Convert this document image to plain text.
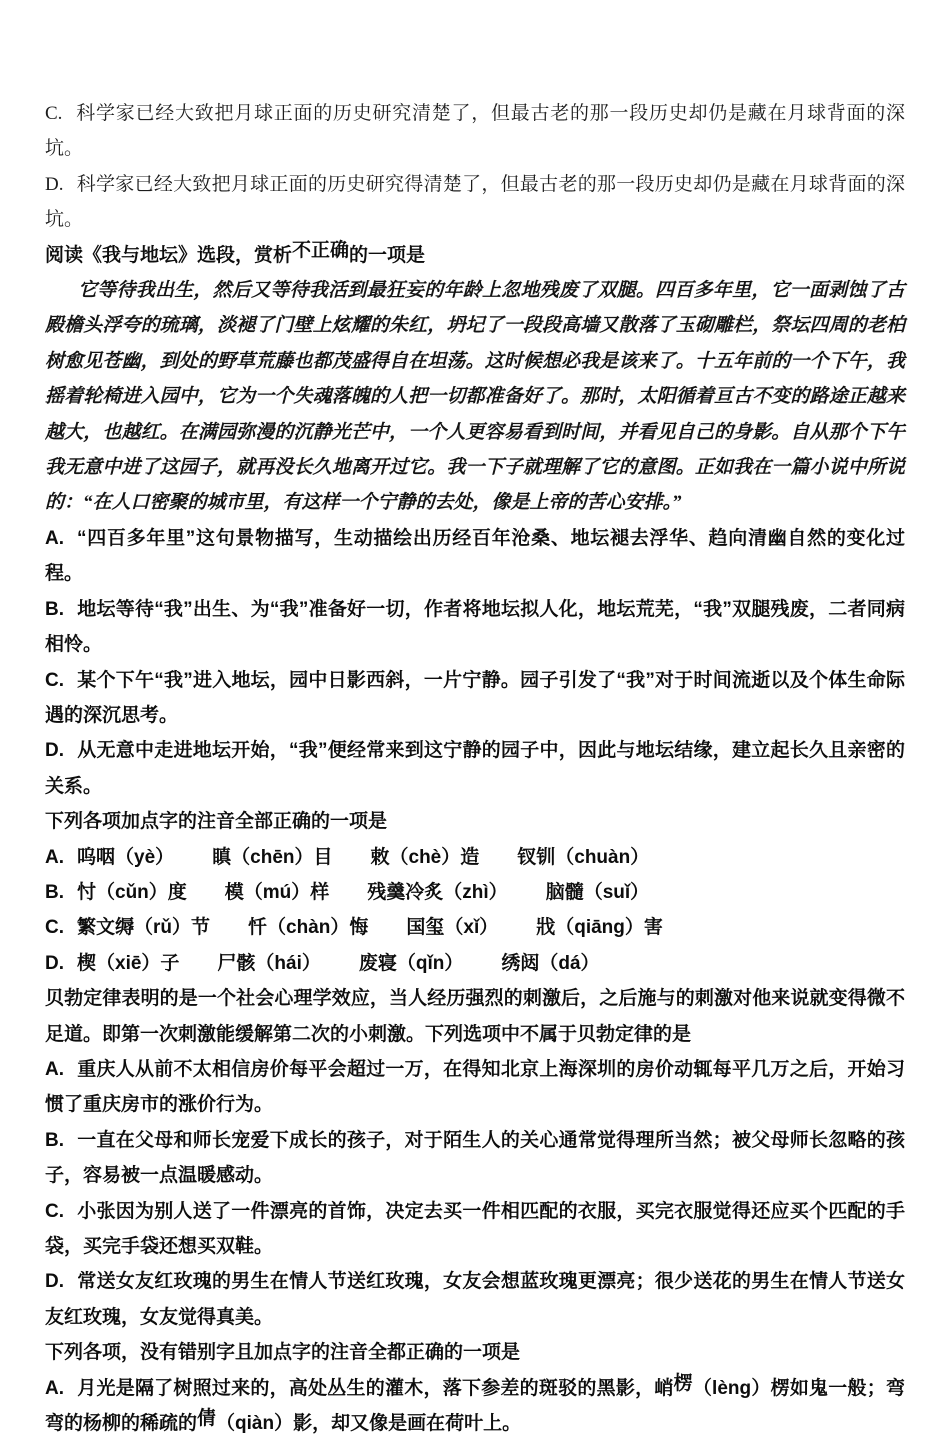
C. 科学家已经大致把月球正面的历史研究清楚了，但最古老的那一段历史却仍是藏在月球背面的深坑。

D. 科学家已经大致把月球正面的历史研究得清楚了，但最古老的那一段历史却仍是藏在月球背面的深坑。

阅读《我与地坛》选段，赏析不正确的一项是

它等待我出生，然后又等待我活到最狂妄的年龄上忽地残废了双腿。四百多年里，它一面剥蚀了古殿檐头浮夸的琉璃，淡褪了门壁上炫耀的朱红，坍圮了一段段高墙又散落了玉砌雕栏，祭坛四周的老柏树愈见苍幽，到处的野草荒藤也都茂盛得自在坦荡。这时候想必我是该来了。十五年前的一个下午，我摇着轮椅进入园中，它为一个失魂落魄的人把一切都准备好了。那时，太阳循着亘古不变的路途正越来越大，也越红。在满园弥漫的沉静光芒中，一个人更容易看到时间，并看见自己的身影。自从那个下午我无意中进了这园子，就再没长久地离开过它。我一下子就理解了它的意图。正如我在一篇小说中所说的：“在人口密聚的城市里，有这样一个宁静的去处，像是上帝的苦心安排。”

A. “四百多年里”这句景物描写，生动描绘出历经百年沧桑、地坛褪去浮华、趋向清幽自然的变化过程。

B. 地坛等待“我”出生、为“我”准备好一切，作者将地坛拟人化，地坛荒芜，“我”双腿残废，二者同病相怜。

C. 某个下午“我”进入地坛，园中日影西斜，一片宁静。园子引发了“我”对于时间流逝以及个体生命际遇的深沉思考。

D. 从无意中走进地坛开始，“我”便经常来到这宁静的园子中，因此与地坛结缘，建立起长久且亲密的关系。

下列各项加点字的注音全部正确的一项是

A. 呜咽（yè） 瞋（chēn）目 敕（chè）造 钗钏（chuàn）

B. 忖（cǔn）度 模（mú）样 残羹冷炙（zhì） 脑髓（suǐ）

C. 繁文缛（rǔ）节 忏（chàn）悔 国玺（xǐ） 戕（qiāng）害

D. 楔（xiē）子 尸骸（hái） 废寝（qǐn） 绣闼（dá）

贝勃定律表明的是一个社会心理学效应，当人经历强烈的刺激后，之后施与的刺激对他来说就变得微不足道。即第一次刺激能缓解第二次的小刺激。下列选项中不属于贝勃定律的是

A. 重庆人从前不太相信房价每平会超过一万，在得知北京上海深圳的房价动辄每平几万之后，开始习惯了重庆房市的涨价行为。

B. 一直在父母和师长宠爱下成长的孩子，对于陌生人的关心通常觉得理所当然；被父母师长忽略的孩子，容易被一点温暖感动。

C. 小张因为别人送了一件漂亮的首饰，决定去买一件相匹配的衣服，买完衣服觉得还应买个匹配的手袋，买完手袋还想买双鞋。

D. 常送女友红玫瑰的男生在情人节送红玫瑰，女友会想蓝玫瑰更漂亮；很少送花的男生在情人节送女友红玫瑰，女友觉得真美。

下列各项，没有错别字且加点字的注音全都正确的一项是

A. 月光是隔了树照过来的，高处丛生的灌木，落下参差的斑驳的黑影，峭楞（lèng）楞如鬼一般；弯弯的杨柳的稀疏的倩（qiàn）影，却又像是画在荷叶上。
